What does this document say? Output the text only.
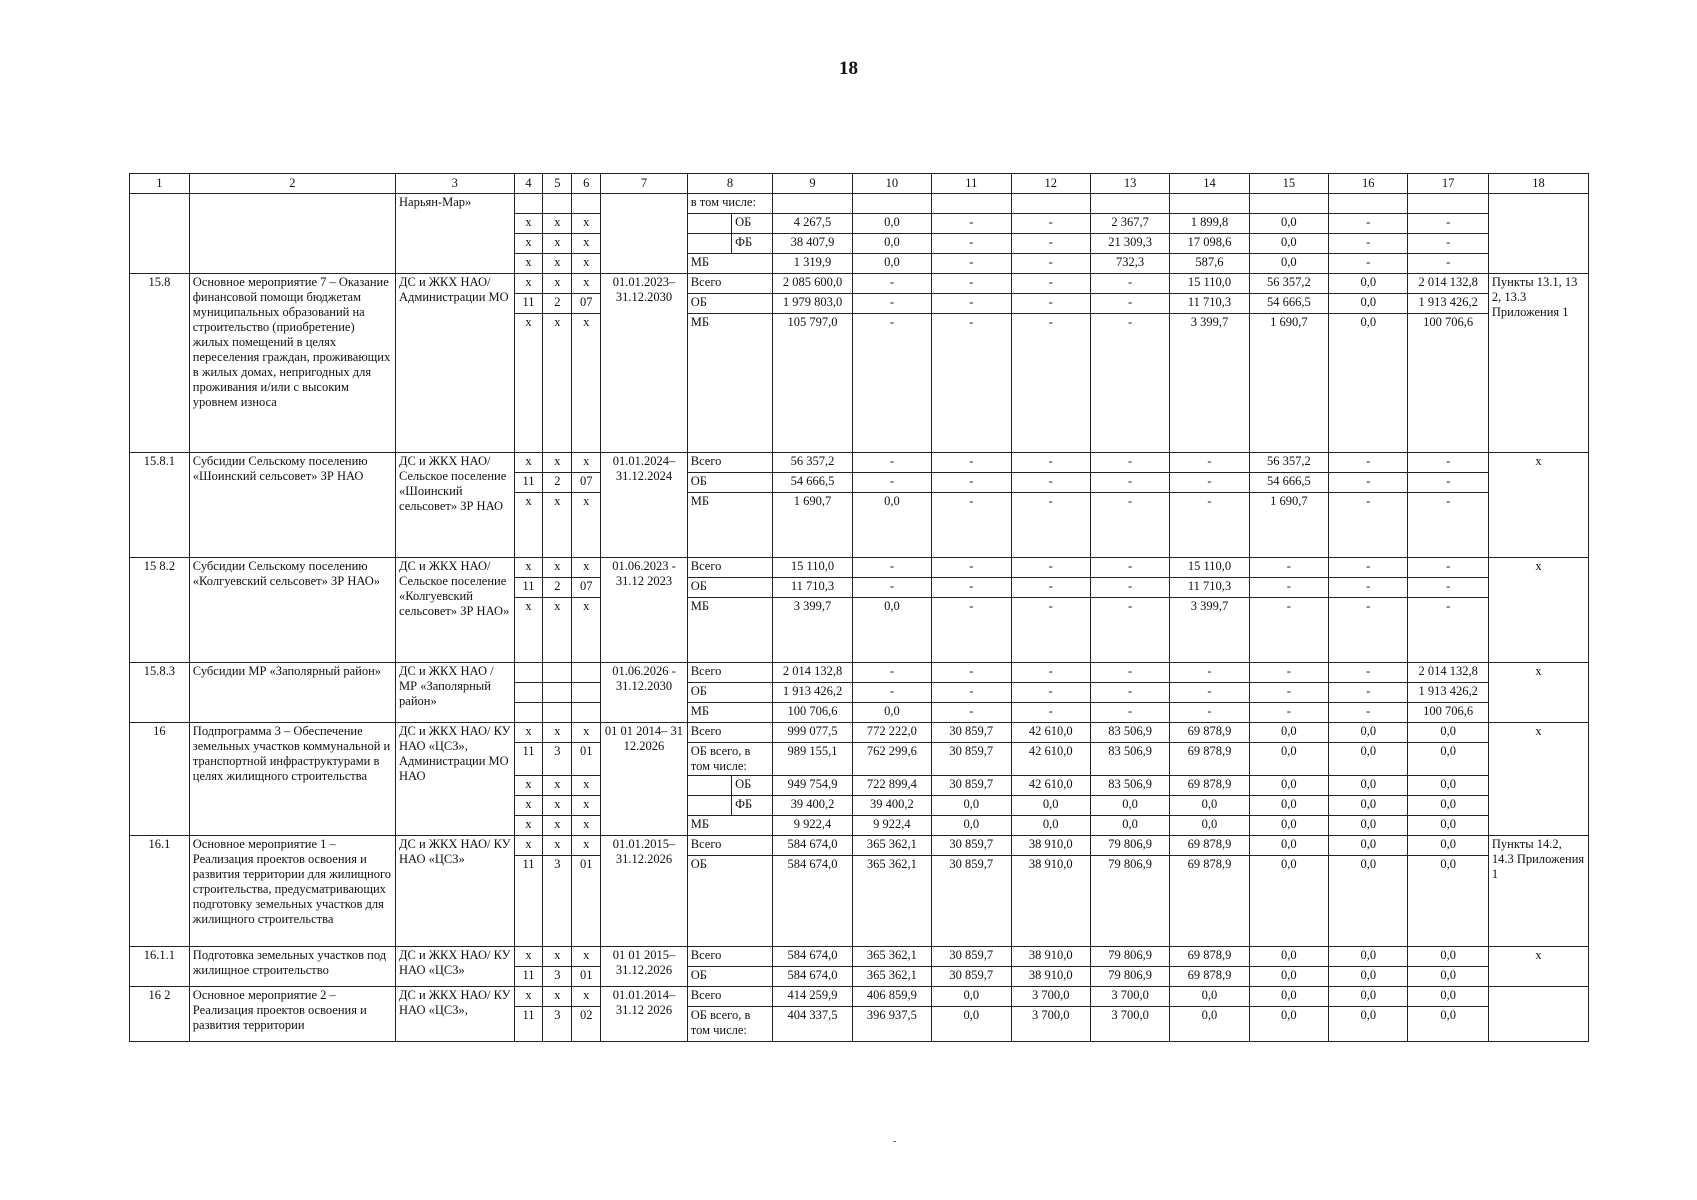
18
1	2	3	4	5	6	7	8		9	10	11	12	13	14	15	16	17	18
		Нарьян-Мар»					в том числе:											
			х	х	х			ОБ	4 267,5	0,0	-	-	2 367,7	1 899,8	0,0	-	-	
			х	х	х			ФБ	38 407,9	0,0	-	-	21 309,3	17 098,6	0,0	-	-	
			х	х	х		МБ		1 319,9	0,0	-	-	732,3	587,6	0,0	-	-	
15.8	Основное мероприятие 7 – Оказание финансовой помощи бюджетам муниципальных образований на строительство (приобретение) жилых помещений в целях переселения граждан, проживающих в жилых домах, непригодных для проживания и/или с высоким уровнем износа	ДС и ЖКХ НАО/ Администрации МО	х	х	х	01.01.2023– 31.12.2030	Всего		2 085 600,0	-	-	-	-	15 110,0	56 357,2	0,0	2 014 132,8	Пункты 13.1, 13 2, 13.3 Приложения 1
			11	2	07		ОБ		1 979 803,0	-	-	-	-	11 710,3	54 666,5	0,0	1 913 426,2	
			х	х	х		МБ		105 797,0	-	-	-	-	3 399,7	1 690,7	0,0	100 706,6	
15.8.1	Субсидии Сельскому поселению «Шоинский сельсовет» ЗР НАО	ДС и ЖКХ НАО/ Сельское поселение «Шоинский сельсовет» ЗР НАО	х	х	х	01.01.2024– 31.12.2024	Всего		56 357,2	-	-	-	-	-	56 357,2	-	-	х
			11	2	07		ОБ		54 666,5	-	-	-	-	-	54 666,5	-	-	
			х	х	х		МБ		1 690,7	0,0	-	-	-	-	1 690,7	-	-	
15 8.2	Субсидии Сельскому поселению «Колгуевский сельсовет» ЗР НАО»	ДС и ЖКХ НАО/ Сельское поселение «Колгуевский сельсовет» ЗР НАО»	х	х	х	01.06.2023 - 31.12 2023	Всего		15 110,0	-	-	-	-	15 110,0	-	-	-	х
			11	2	07		ОБ		11 710,3	-	-	-	-	11 710,3	-	-	-	
			х	х	х		МБ		3 399,7	0,0	-	-	-	3 399,7	-	-	-	
15.8.3	Субсидии МР «Заполярный район»	ДС и ЖКХ НАО / МР «Заполярный район»				01.06.2026 - 31.12.2030	Всего		2 014 132,8	-	-	-	-	-	-	-	2 014 132,8	х
							ОБ		1 913 426,2	-	-	-	-	-	-	-	1 913 426,2	
							МБ		100 706,6	0,0	-	-	-	-	-	-	100 706,6	
16	Подпрограмма 3 – Обеспечение земельных участков коммунальной и транспортной инфраструктурами в целях жилищного строительства	ДС и ЖКХ НАО/ КУ НАО «ЦСЗ», Администрации МО НАО	х	х	х	01 01 2014– 31 12.2026	Всего		999 077,5	772 222,0	30 859,7	42 610,0	83 506,9	69 878,9	0,0	0,0	0,0	х
			11	3	01		ОБ всего, в том числе:		989 155,1	762 299,6	30 859,7	42 610,0	83 506,9	69 878,9	0,0	0,0	0,0	
			х	х	х			ОБ	949 754,9	722 899,4	30 859,7	42 610,0	83 506,9	69 878,9	0,0	0,0	0,0	
			х	х	х			ФБ	39 400,2	39 400,2	0,0	0,0	0,0	0,0	0,0	0,0	0,0	
			х	х	х		МБ		9 922,4	9 922,4	0,0	0,0	0,0	0,0	0,0	0,0	0,0	
16.1	Основное мероприятие 1 – Реализация проектов освоения и развития территории для жилищного строительства, предусматривающих подготовку земельных участков для жилищного строительства	ДС и ЖКХ НАО/ КУ НАО «ЦСЗ»	х	х	х	01.01.2015– 31.12.2026	Всего		584 674,0	365 362,1	30 859,7	38 910,0	79 806,9	69 878,9	0,0	0,0	0,0	Пункты 14.2, 14.3 Приложения 1
			11	3	01		ОБ		584 674,0	365 362,1	30 859,7	38 910,0	79 806,9	69 878,9	0,0	0,0	0,0	
16.1.1	Подготовка земельных участков под жилищное строительство	ДС и ЖКХ НАО/ КУ НАО «ЦСЗ»	х	х	х	01 01 2015– 31.12.2026	Всего		584 674,0	365 362,1	30 859,7	38 910,0	79 806,9	69 878,9	0,0	0,0	0,0	х
			11	3	01		ОБ		584 674,0	365 362,1	30 859,7	38 910,0	79 806,9	69 878,9	0,0	0,0	0,0	
16 2	Основное мероприятие 2 – Реализация проектов освоения и развития территории	ДС и ЖКХ НАО/ КУ НАО «ЦСЗ»,	х	х	х	01.01.2014– 31.12 2026	Всего		414 259,9	406 859,9	0,0	3 700,0	3 700,0	0,0	0,0	0,0	0,0	
			11	3	02		ОБ всего, в том числе:		404 337,5	396 937,5	0,0	3 700,0	3 700,0	0,0	0,0	0,0	0,0	
-
